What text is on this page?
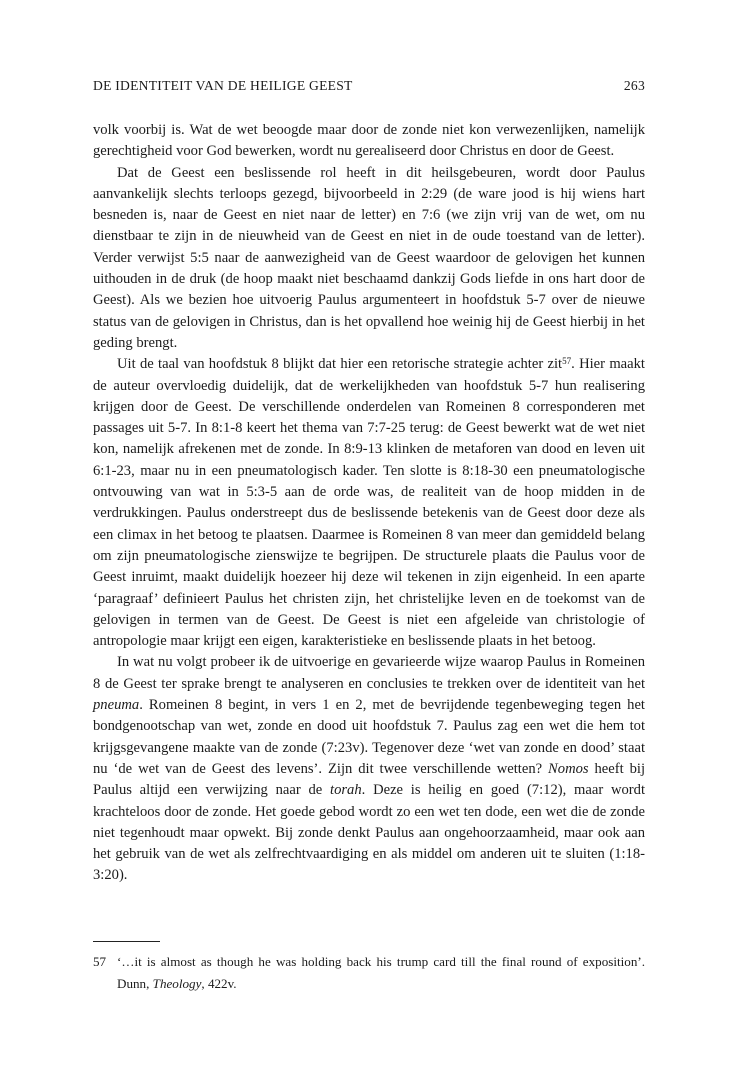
DE IDENTITEIT VAN DE HEILIGE GEEST	263

volk voorbij is. Wat de wet beoogde maar door de zonde niet kon verwezenlijken, namelijk gerechtigheid voor God bewerken, wordt nu gerealiseerd door Christus en door de Geest.

Dat de Geest een beslissende rol heeft in dit heilsgebeuren, wordt door Paulus aanvankelijk slechts terloops gezegd, bijvoorbeeld in 2:29 (de ware jood is hij wiens hart besneden is, naar de Geest en niet naar de letter) en 7:6 (we zijn vrij van de wet, om nu dienstbaar te zijn in de nieuwheid van de Geest en niet in de oude toestand van de letter). Verder verwijst 5:5 naar de aanwezigheid van de Geest waardoor de gelovigen het kunnen uithouden in de druk (de hoop maakt niet beschaamd dankzij Gods liefde in ons hart door de Geest). Als we bezien hoe uitvoerig Paulus argumenteert in hoofdstuk 5-7 over de nieuwe status van de gelovigen in Christus, dan is het opvallend hoe weinig hij de Geest hierbij in het geding brengt.

Uit de taal van hoofdstuk 8 blijkt dat hier een retorische strategie achter zit$^{57}$. Hier maakt de auteur overvloedig duidelijk, dat de werkelijkheden van hoofdstuk 5-7 hun realisering krijgen door de Geest. De verschillende onderdelen van Romeinen 8 corresponderen met passages uit 5-7. In 8:1-8 keert het thema van 7:7-25 terug: de Geest bewerkt wat de wet niet kon, namelijk afrekenen met de zonde. In 8:9-13 klinken de metaforen van dood en leven uit 6:1-23, maar nu in een pneumatologisch kader. Ten slotte is 8:18-30 een pneumatologische ontvouwing van wat in 5:3-5 aan de orde was, de realiteit van de hoop midden in de verdrukkingen. Paulus onderstreept dus de beslissende betekenis van de Geest door deze als een climax in het betoog te plaatsen. Daarmee is Romeinen 8 van meer dan gemiddeld belang om zijn pneumatologische zienswijze te begrijpen. De structurele plaats die Paulus voor de Geest inruimt, maakt duidelijk hoezeer hij deze wil tekenen in zijn eigenheid. In een aparte ‘paragraaf’ definieert Paulus het christen zijn, het christelijke leven en de toekomst van de gelovigen in termen van de Geest. De Geest is niet een afgeleide van christologie of antropologie maar krijgt een eigen, karakteristieke en beslissende plaats in het betoog.

In wat nu volgt probeer ik de uitvoerige en gevarieerde wijze waarop Paulus in Romeinen 8 de Geest ter sprake brengt te analyseren en conclusies te trekken over de identiteit van het pneuma. Romeinen 8 begint, in vers 1 en 2, met de bevrijdende tegenbeweging tegen het bondgenootschap van wet, zonde en dood uit hoofdstuk 7. Paulus zag een wet die hem tot krijgsgevangene maakte van de zonde (7:23v). Tegenover deze ‘wet van zonde en dood’ staat nu ‘de wet van de Geest des levens’. Zijn dit twee verschillende wetten? Nomos heeft bij Paulus altijd een verwijzing naar de torah. Deze is heilig en goed (7:12), maar wordt krachteloos door de zonde. Het goede gebod wordt zo een wet ten dode, een wet die de zonde niet tegenhoudt maar opwekt. Bij zonde denkt Paulus aan ongehoorzaamheid, maar ook aan het gebruik van de wet als zelfrechtvaardiging en als middel om anderen uit te sluiten (1:18-3:20).

57 ‘…it is almost as though he was holding back his trump card till the final round of exposition’. Dunn, Theology, 422v.
